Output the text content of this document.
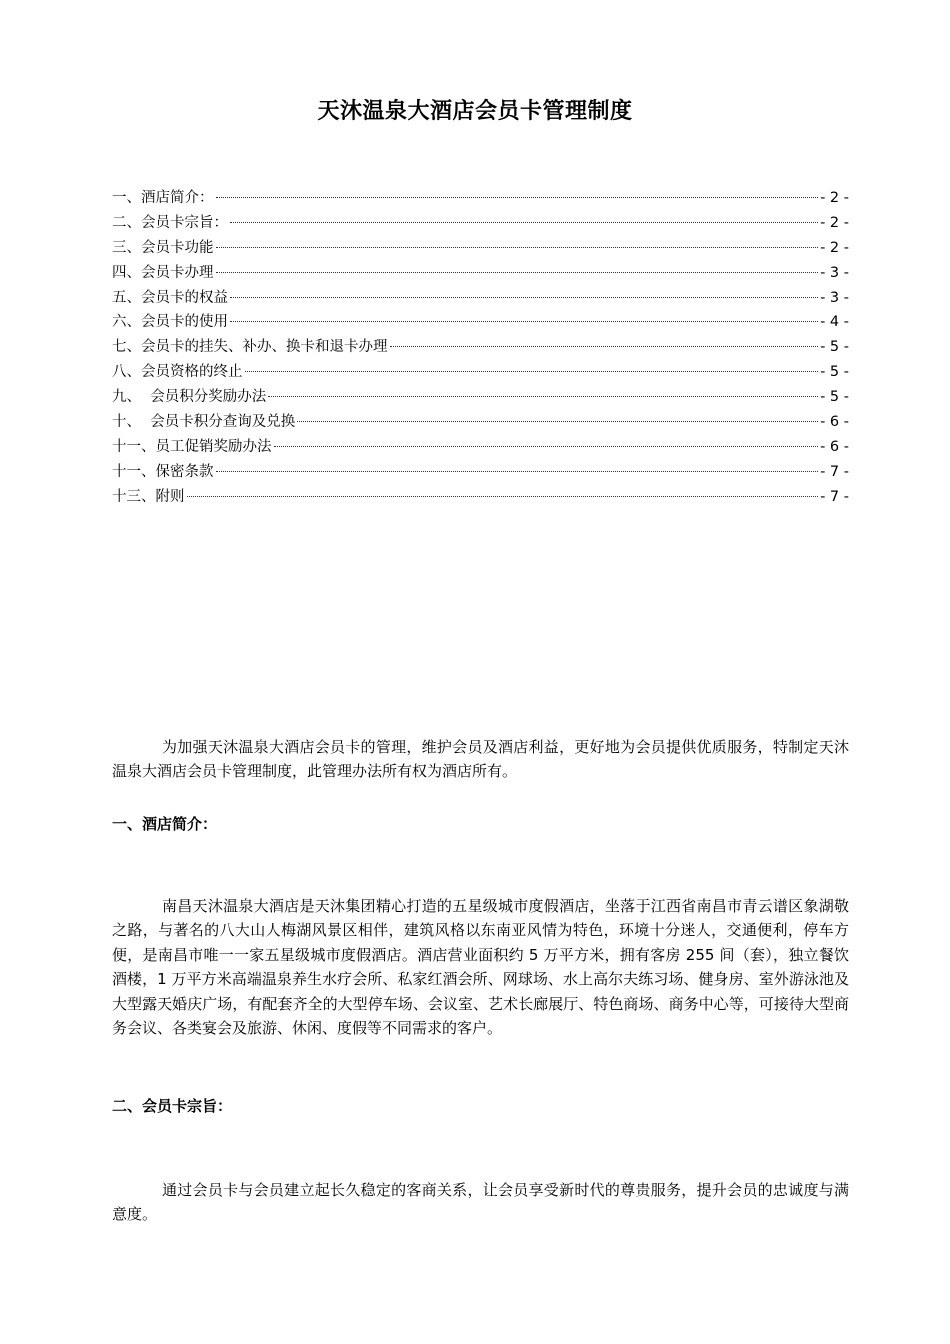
天沐温泉大酒店会员卡管理制度
一、酒店简介：	- 2 -
二、会员卡宗旨：	- 2 -
三、会员卡功能	- 2 -
四、会员卡办理	- 3 -
五、会员卡的权益	- 3 -
六、会员卡的使用	- 4 -
七、会员卡的挂失、补办、换卡和退卡办理	- 5 -
八、会员资格的终止	- 5 -
九、  会员积分奖励办法	- 5 -
十、  会员卡积分查询及兑换	- 6 -
十一、员工促销奖励办法	- 6 -
十一、保密条款	- 7 -
十三、附则	- 7 -

为加强天沐温泉大酒店会员卡的管理，维护会员及酒店利益，更好地为会员提供优质服务，特制定天沐温泉大酒店会员卡管理制度，此管理办法所有权为酒店所有。

一、酒店简介：

南昌天沐温泉大酒店是天沐集团精心打造的五星级城市度假酒店，坐落于江西省南昌市青云谱区象湖敬之路，与著名的八大山人梅湖风景区相伴，建筑风格以东南亚风情为特色，环境十分迷人，交通便利，停车方便，是南昌市唯一一家五星级城市度假酒店。酒店营业面积约 5 万平方米，拥有客房 255 间（套），独立餐饮酒楼，1 万平方米高端温泉养生水疗会所、私家红酒会所、网球场、水上高尔夫练习场、健身房、室外游泳池及大型露天婚庆广场，有配套齐全的大型停车场、会议室、艺术长廊展厅、特色商场、商务中心等，可接待大型商务会议、各类宴会及旅游、休闲、度假等不同需求的客户。

二、会员卡宗旨：

通过会员卡与会员建立起长久稳定的客商关系，让会员享受新时代的尊贵服务，提升会员的忠诚度与满意度。
